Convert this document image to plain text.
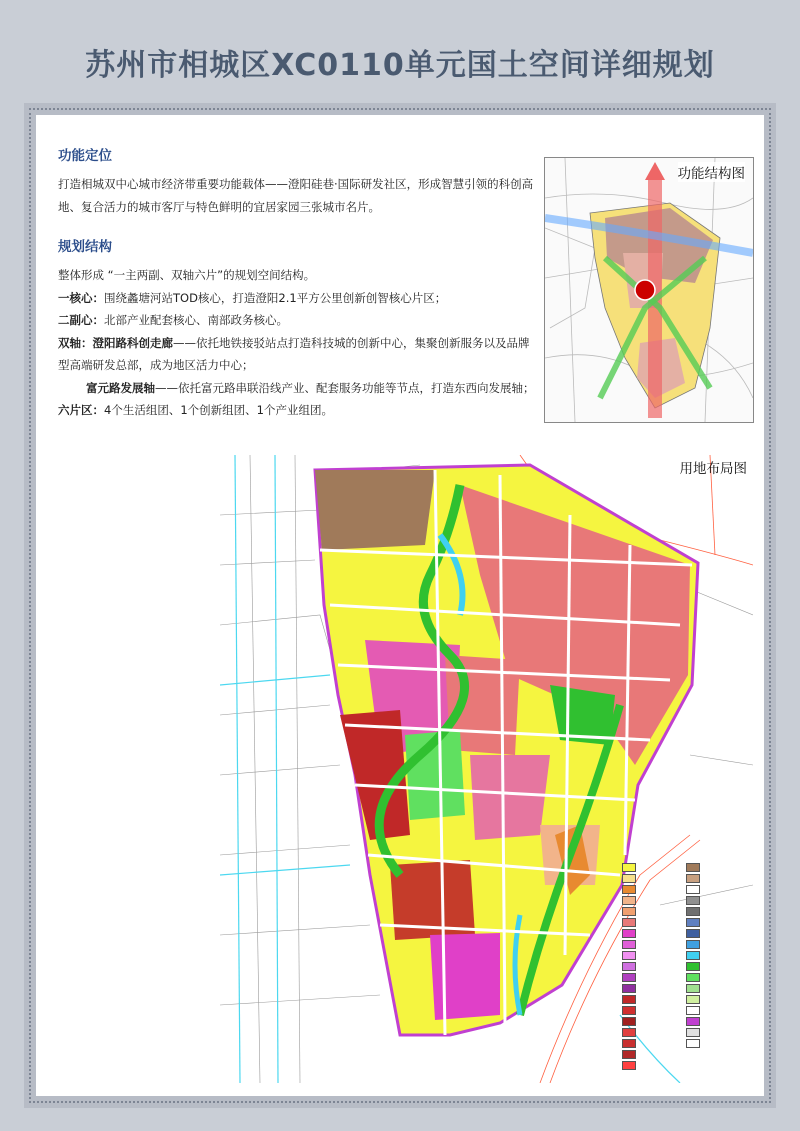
苏州市相城区XC0110单元国土空间详细规划
功能定位

打造相城双中心城市经济带重要功能载体——澄阳硅巷·国际研发社区，形成智慧引领的科创高地、复合活力的城市客厅与特色鲜明的宜居家园三张城市名片。

规划结构

整体形成 “一主两副、双轴六片”的规划空间结构。

一核心：围绕蠡塘河站TOD核心，打造澄阳2.1平方公里创新创智核心片区；

二副心：北部产业配套核心、南部政务核心。

双轴：澄阳路科创走廊——依托地铁接驳站点打造科技城的创新中心，集聚创新服务以及品牌型高端研发总部，成为地区活力中心；

富元路发展轴——依托富元路串联沿线产业、配套服务功能等节点，打造东西向发展轴；

六片区：4个生活组团、1个创新组团、1个产业组团。

功能结构图
用地布局图
